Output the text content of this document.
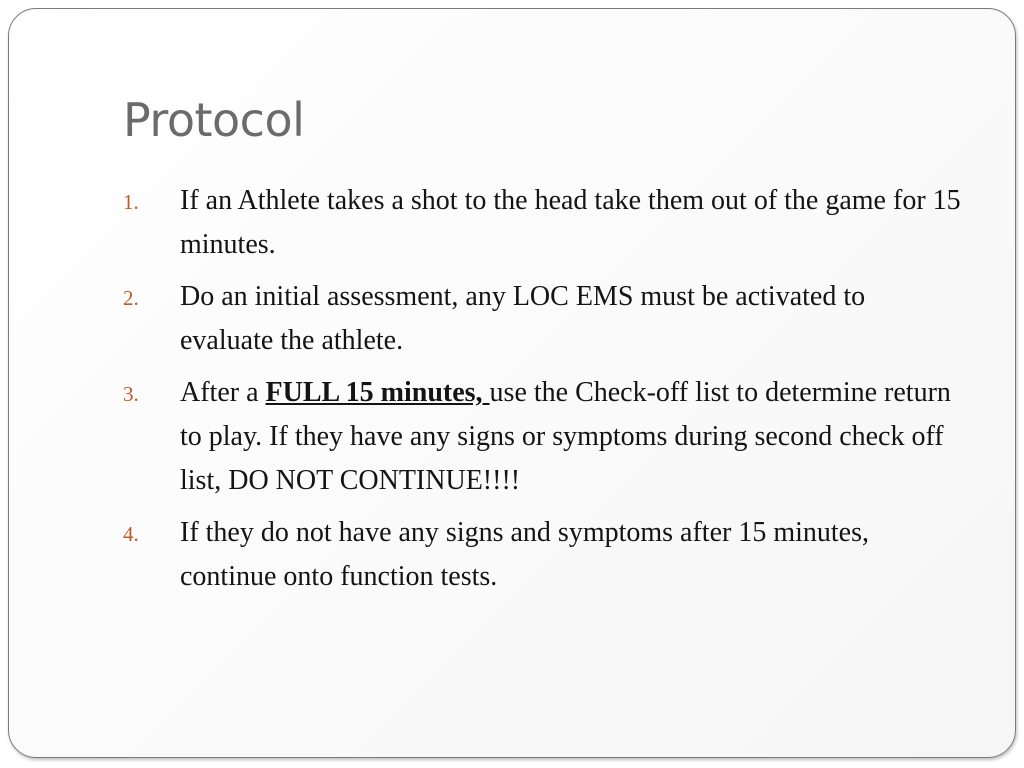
Protocol
1.	If an Athlete takes a shot to the head take them out of the game for 15 minutes.
2.	Do an initial assessment, any LOC EMS must be activated to evaluate the athlete.
3.	After a FULL 15 minutes, use the Check-off list to determine return to play. If they have any signs or symptoms during second check off list, DO NOT CONTINUE!!!!
4.	If they do not have any signs and symptoms after 15 minutes, continue onto function tests.
